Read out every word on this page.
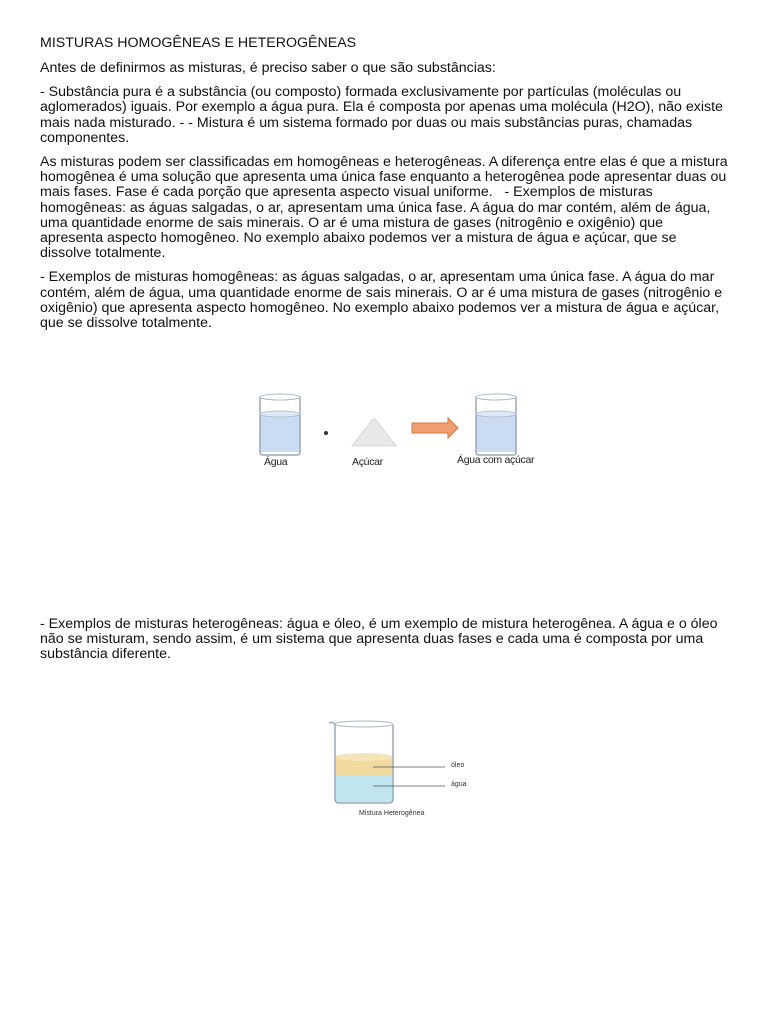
MISTURAS HOMOGÊNEAS E HETEROGÊNEAS

Antes de definirmos as misturas, é preciso saber o que são substâncias:

- Substância pura é a substância (ou composto) formada exclusivamente por partículas (moléculas ou aglomerados) iguais. Por exemplo a água pura. Ela é composta por apenas uma molécula (H2O), não existe mais nada misturado. - - Mistura é um sistema formado por duas ou mais substâncias puras, chamadas componentes.

As misturas podem ser classificadas em homogêneas e heterogêneas. A diferença entre elas é que a mistura homogênea é uma solução que apresenta uma única fase enquanto a heterogênea pode apresentar duas ou mais fases. Fase é cada porção que apresenta aspecto visual uniforme.   - Exemplos de misturas homogêneas: as águas salgadas, o ar, apresentam uma única fase. A água do mar contém, além de água, uma quantidade enorme de sais minerais. O ar é uma mistura de gases (nitrogênio e oxigênio) que apresenta aspecto homogêneo. No exemplo abaixo podemos ver a mistura de água e açúcar, que se dissolve totalmente.

- Exemplos de misturas homogêneas: as águas salgadas, o ar, apresentam uma única fase. A água do mar contém, além de água, uma quantidade enorme de sais minerais. O ar é uma mistura de gases (nitrogênio e oxigênio) que apresenta aspecto homogêneo. No exemplo abaixo podemos ver a mistura de água e açúcar, que se dissolve totalmente.

Água	Açúcar	Água com açúcar

- Exemplos de misturas heterogêneas: água e óleo, é um exemplo de mistura heterogênea. A água e o óleo não se misturam, sendo assim, é um sistema que apresenta duas fases e cada uma é composta por uma substância diferente.

óleo
água
Mistura Heterogênea
